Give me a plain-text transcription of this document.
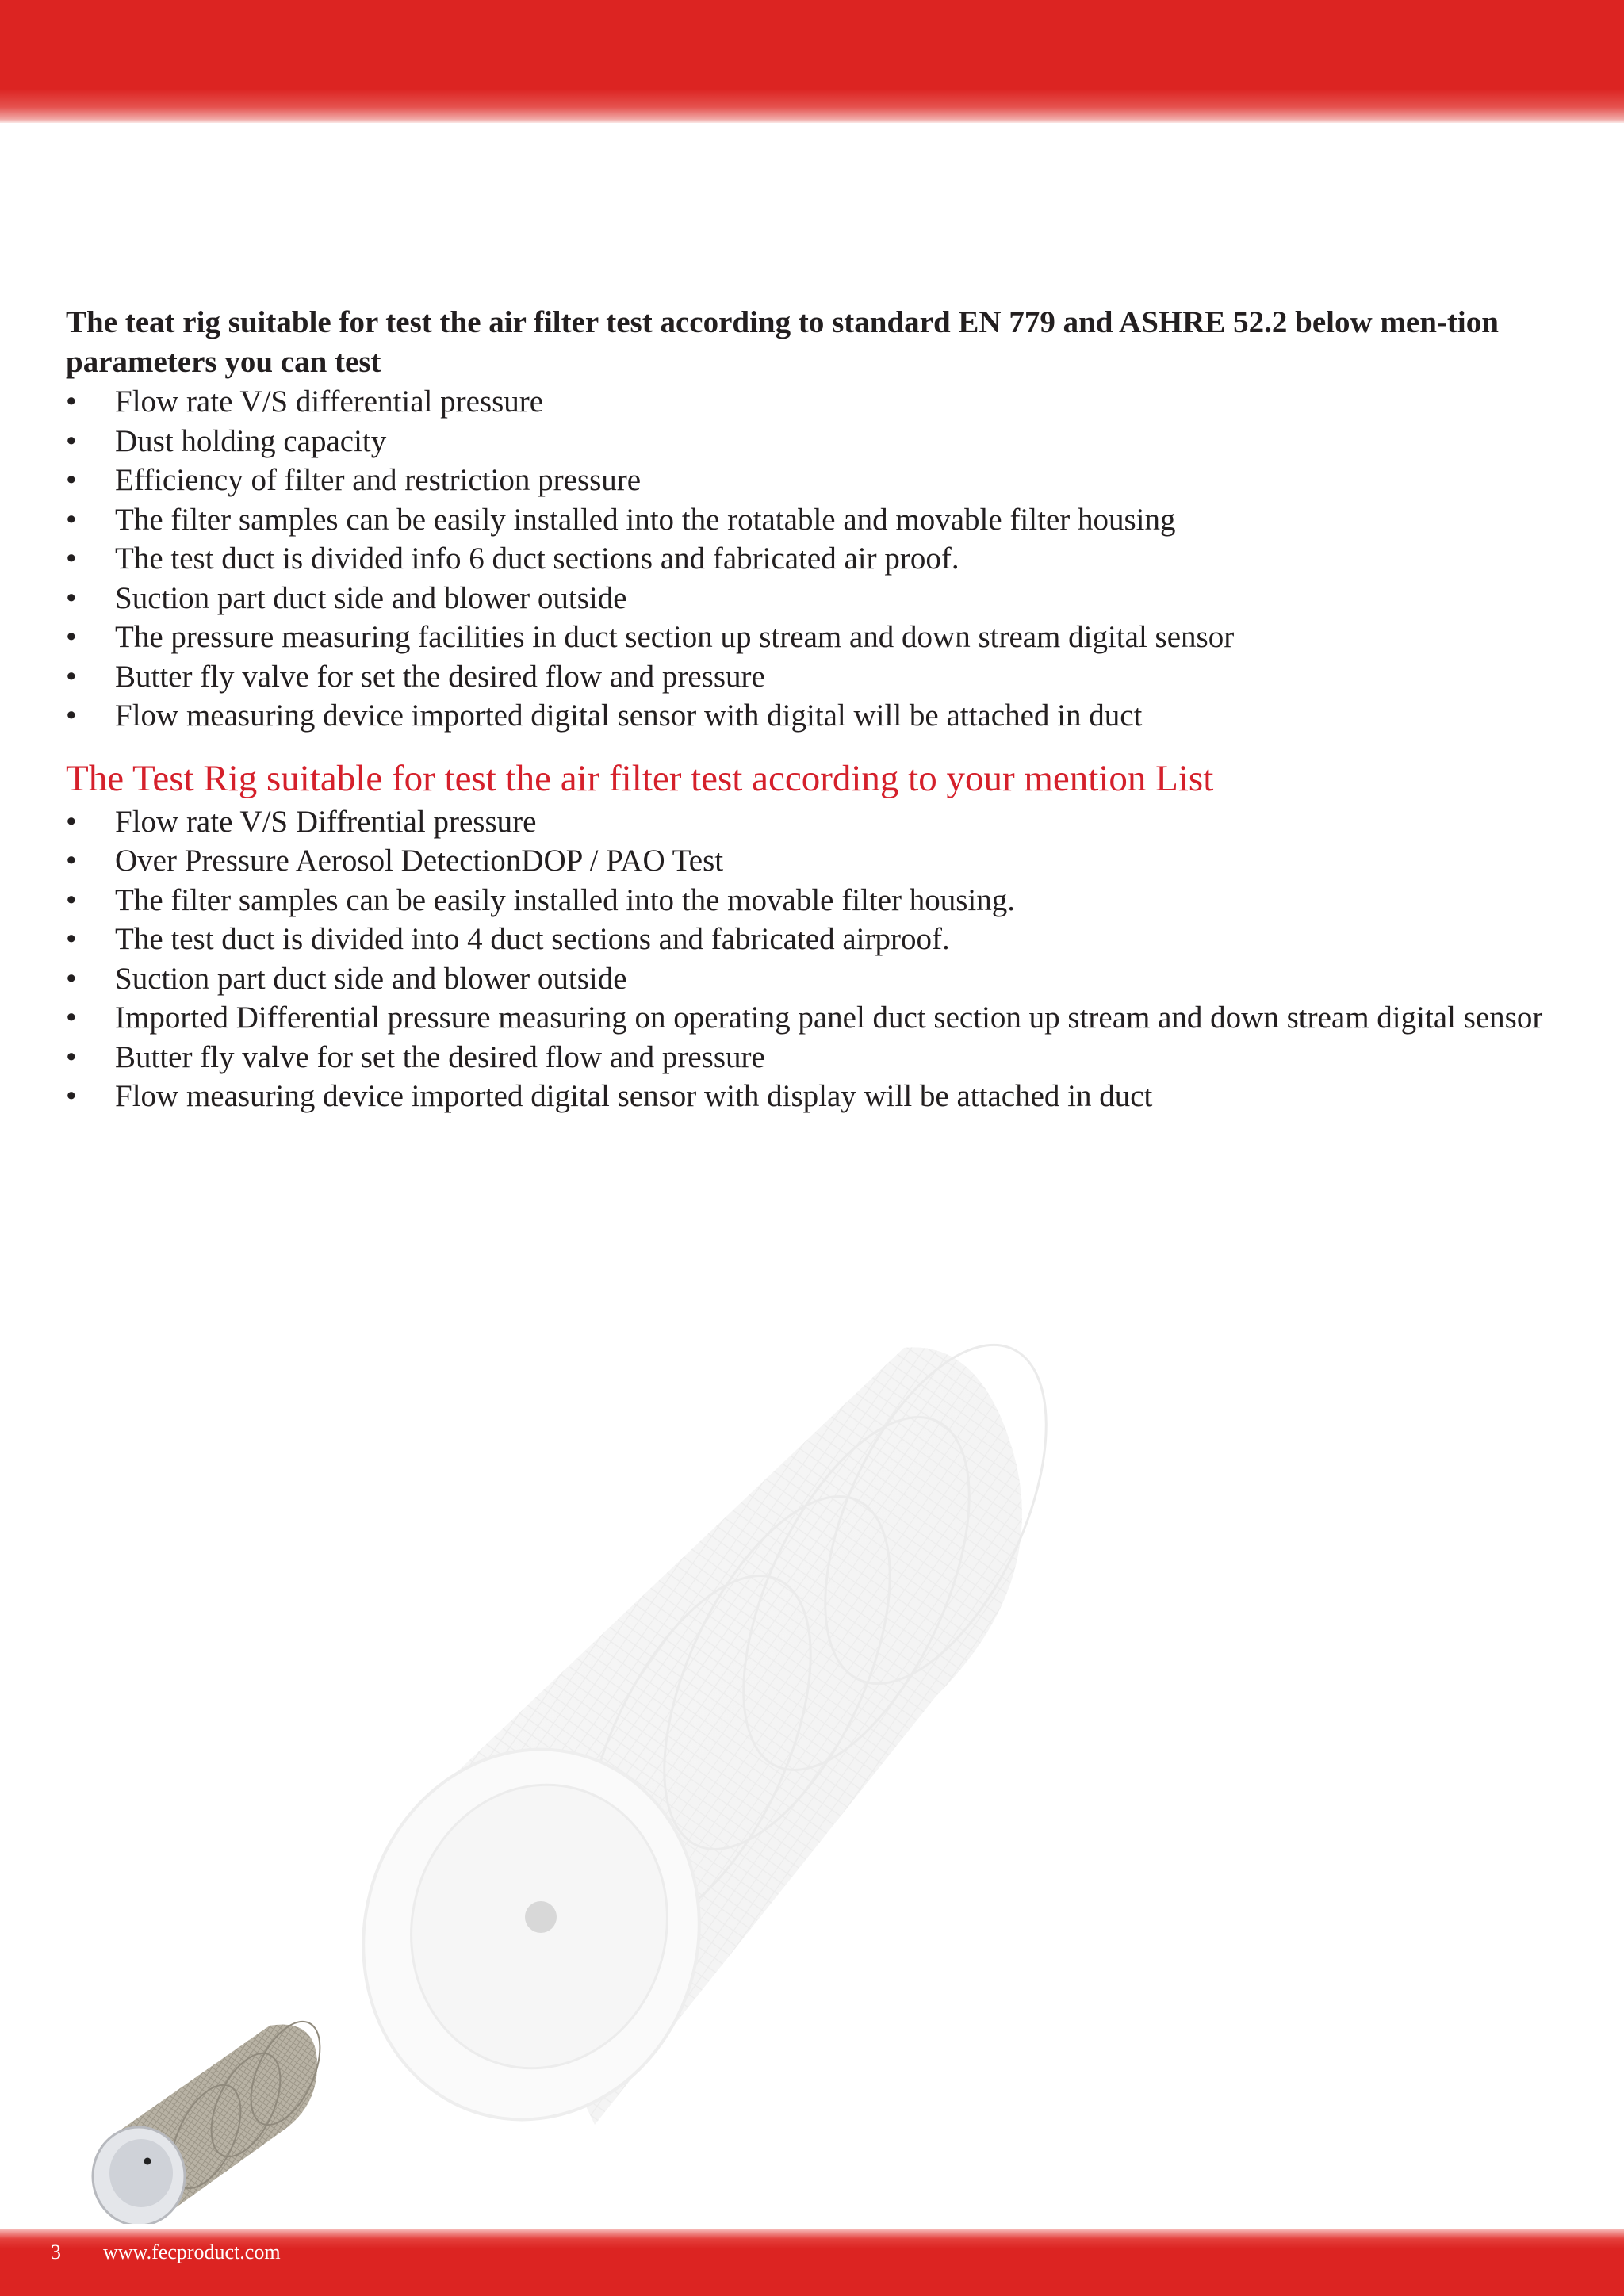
The teat rig suitable for test the air filter test according to standard EN 779 and ASHRE 52.2 below men-tion parameters you can test

• Flow rate V/S differential pressure
• Dust holding capacity
• Efficiency of filter and restriction pressure
• The filter samples can be easily installed into the rotatable and movable filter housing
• The test duct is divided info 6 duct sections and fabricated air proof.
• Suction part duct side and blower outside
• The pressure measuring facilities in duct section up stream and down stream digital sensor
• Butter fly valve for set the desired flow and pressure
• Flow measuring device imported digital sensor with digital will be attached in duct
The Test Rig suitable for test the air filter test according to your mention List
• Flow rate V/S Diffrential pressure
• Over Pressure Aerosol DetectionDOP / PAO Test
• The filter samples can be easily installed into the movable filter housing.
• The test duct is divided into 4 duct sections and fabricated airproof.
• Suction part duct side and blower outside
• Imported Differential pressure measuring on operating panel duct section up stream and down stream digital sensor
• Butter fly valve for set the desired flow and pressure
• Flow measuring device imported digital sensor with display will be attached in duct
3 www.fecproduct.com
